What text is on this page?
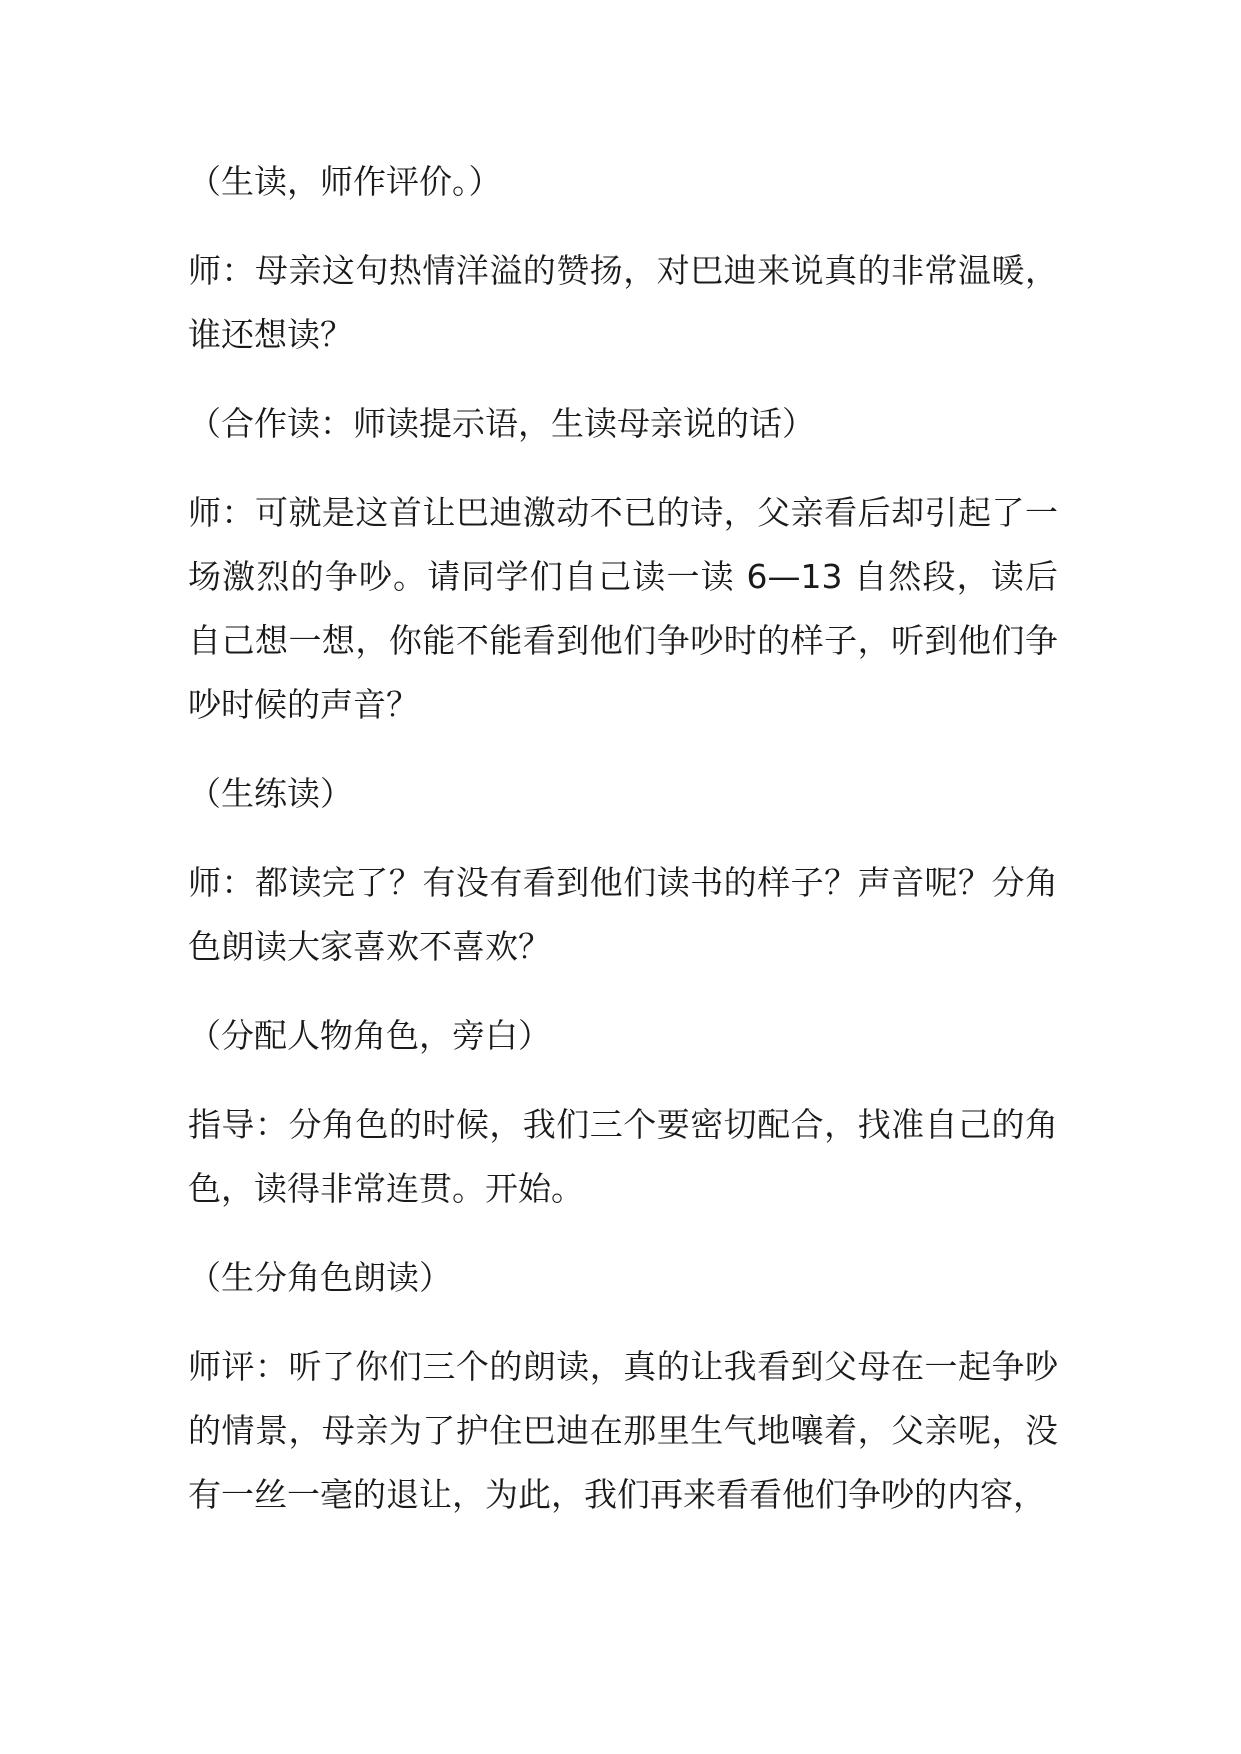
（生读，师作评价。）

师：母亲这句热情洋溢的赞扬，对巴迪来说真的非常温暖，谁还想读？

（合作读：师读提示语，生读母亲说的话）

师：可就是这首让巴迪激动不已的诗，父亲看后却引起了一场激烈的争吵。请同学们自己读一读 6—13 自然段，读后自己想一想，你能不能看到他们争吵时的样子，听到他们争吵时候的声音？

（生练读）

师：都读完了？有没有看到他们读书的样子？声音呢？分角色朗读大家喜欢不喜欢？

（分配人物角色，旁白）

指导：分角色的时候，我们三个要密切配合，找准自己的角色，读得非常连贯。开始。

（生分角色朗读）

师评：听了你们三个的朗读，真的让我看到父母在一起争吵的情景，母亲为了护住巴迪在那里生气地嚷着，父亲呢，没有一丝一毫的退让，为此，我们再来看看他们争吵的内容，
